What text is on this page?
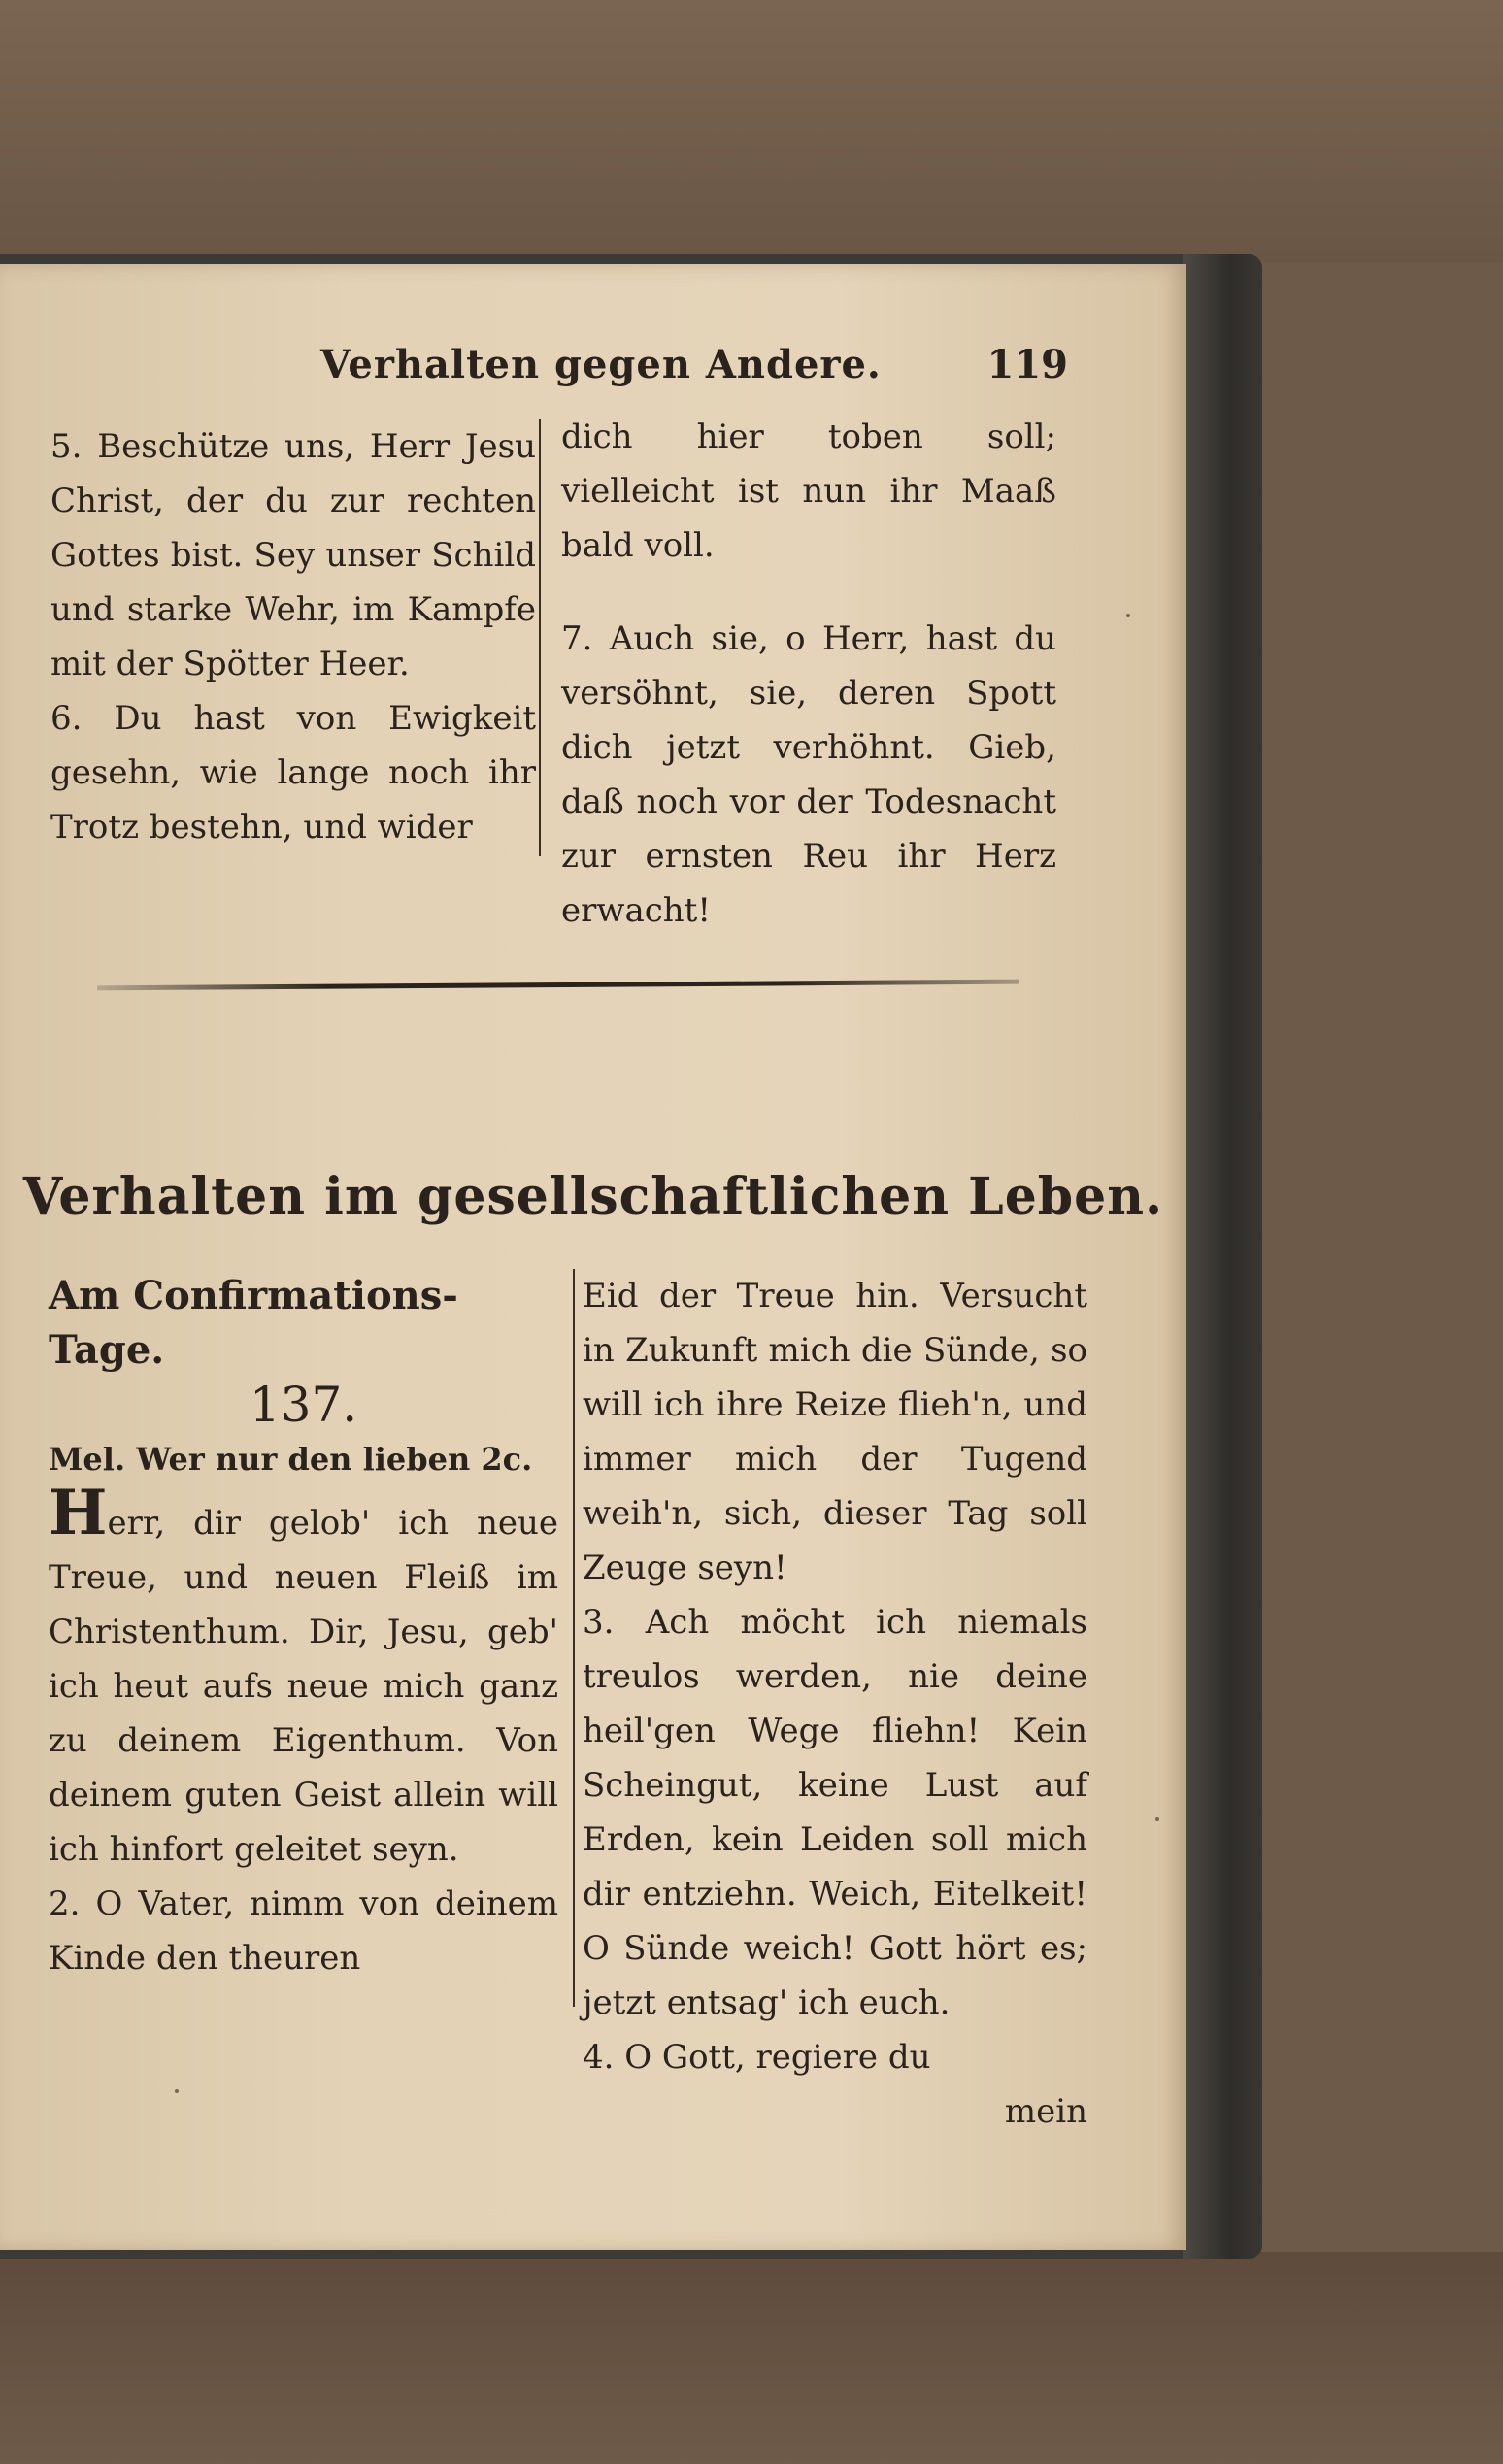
Verhalten gegen Andere.	119

5. Beschütze uns, Herr Jesu Christ, der du zur rechten Gottes bist. Sey unser Schild und starke Wehr, im Kampfe mit der Spötter Heer.

6. Du hast von Ewigkeit gesehn, wie lange noch ihr Trotz bestehn, und wider

dich hier toben soll; vielleicht ist nun ihr Maaß bald voll.

7. Auch sie, o Herr, hast du versöhnt, sie, deren Spott dich jetzt verhöhnt. Gieb, daß noch vor der Todesnacht zur ernsten Reu ihr Herz erwacht!

Verhalten im gesellschaftlichen Leben.

Am Confirmations-Tage.

137.

Mel. Wer nur den lieben 2c.

Herr, dir gelob' ich neue Treue, und neuen Fleiß im Christenthum. Dir, Jesu, geb' ich heut aufs neue mich ganz zu deinem Eigenthum. Von deinem guten Geist allein will ich hinfort geleitet seyn.

2. O Vater, nimm von deinem Kinde den theuren

Eid der Treue hin. Versucht in Zukunft mich die Sünde, so will ich ihre Reize flieh'n, und immer mich der Tugend weih'n, sich, dieser Tag soll Zeuge seyn!

3. Ach möcht ich niemals treulos werden, nie deine heil'gen Wege fliehn! Kein Scheingut, keine Lust auf Erden, kein Leiden soll mich dir entziehn. Weich, Eitelkeit! O Sünde weich! Gott hört es; jetzt entsag' ich euch.

4. O Gott, regiere du

mein
